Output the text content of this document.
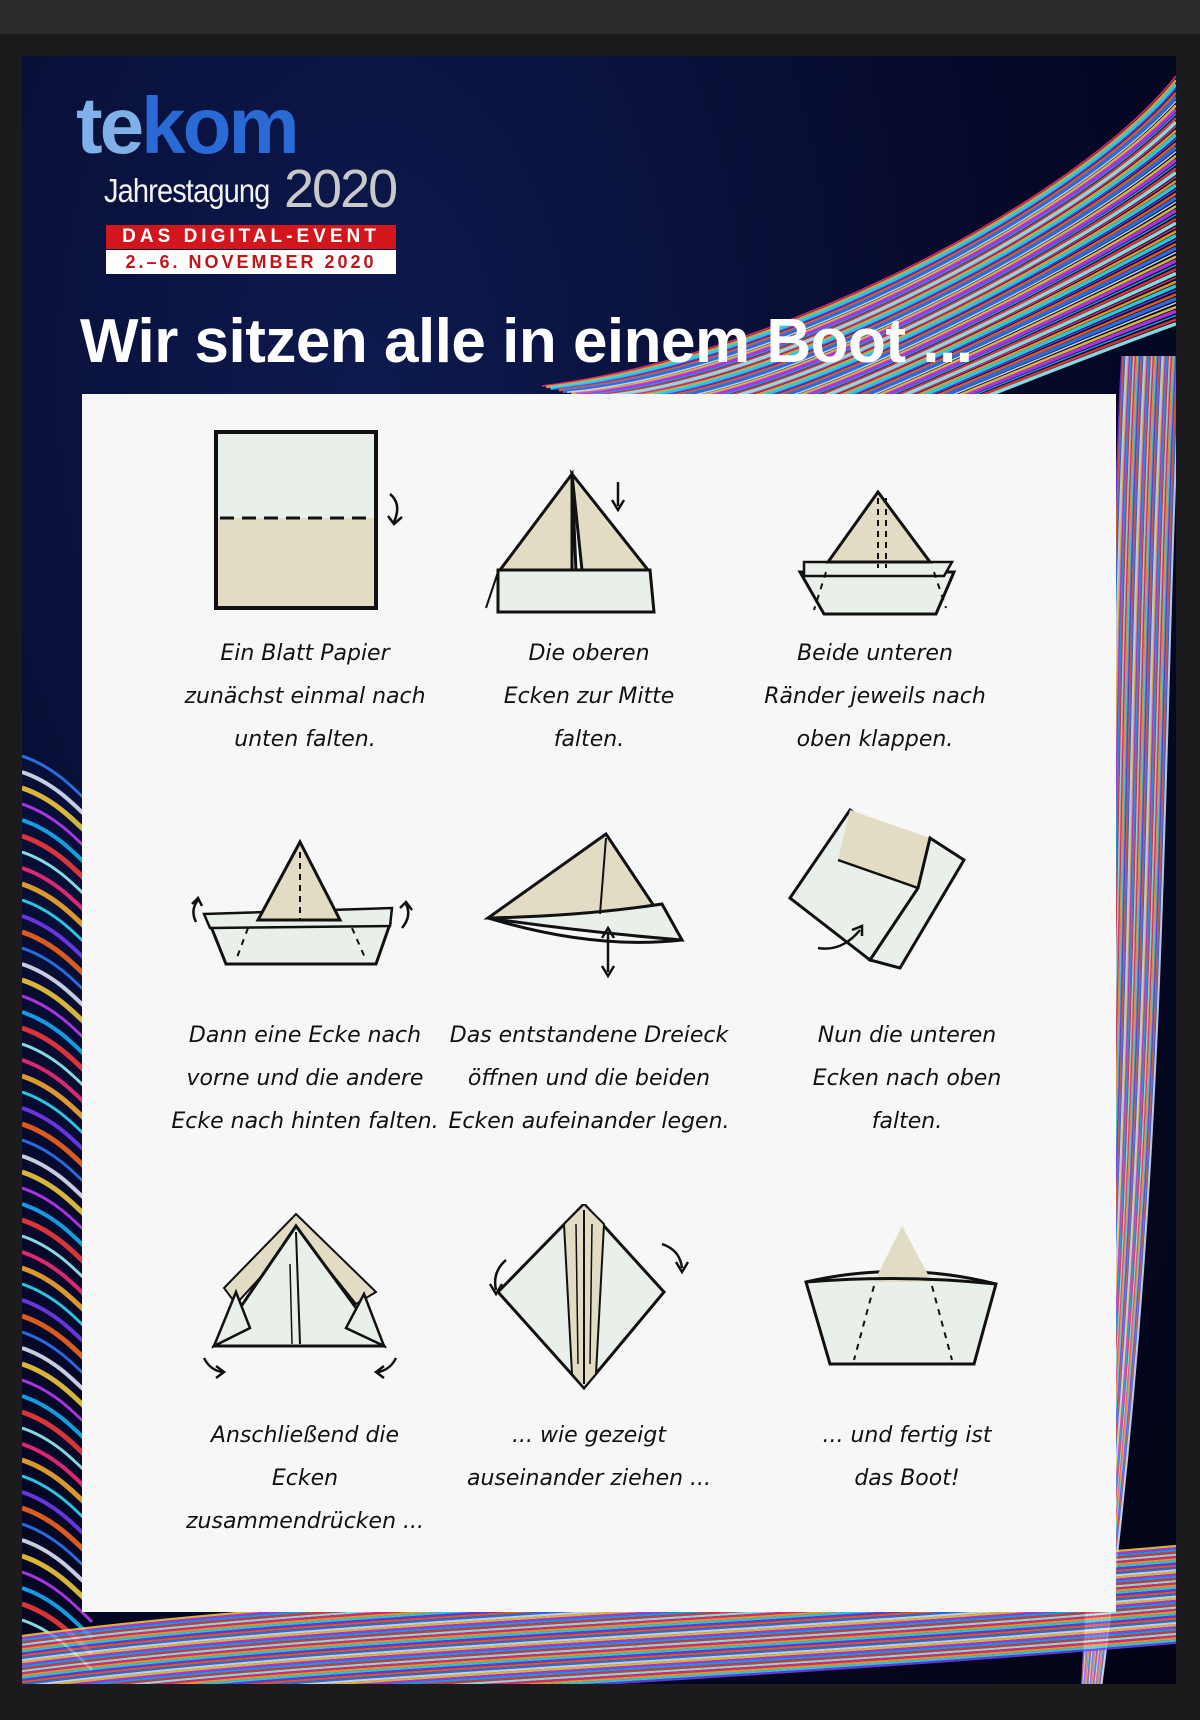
tekom
Jahrestagung 2020
DAS DIGITAL-EVENT
2.–6. NOVEMBER 2020
Wir sitzen alle in einem Boot ...
Ein Blatt Papier
zunächst einmal nach
unten falten.
Die oberen
Ecken zur Mitte
falten.
Beide unteren
Ränder jeweils nach
oben klappen.
Dann eine Ecke nach
vorne und die andere
Ecke nach hinten falten.
Das entstandene Dreieck
öffnen und die beiden
Ecken aufeinander legen.
Nun die unteren
Ecken nach oben
falten.
Anschließend die
Ecken
zusammendrücken ...
... wie gezeigt
auseinander ziehen ...
... und fertig ist
das Boot!
